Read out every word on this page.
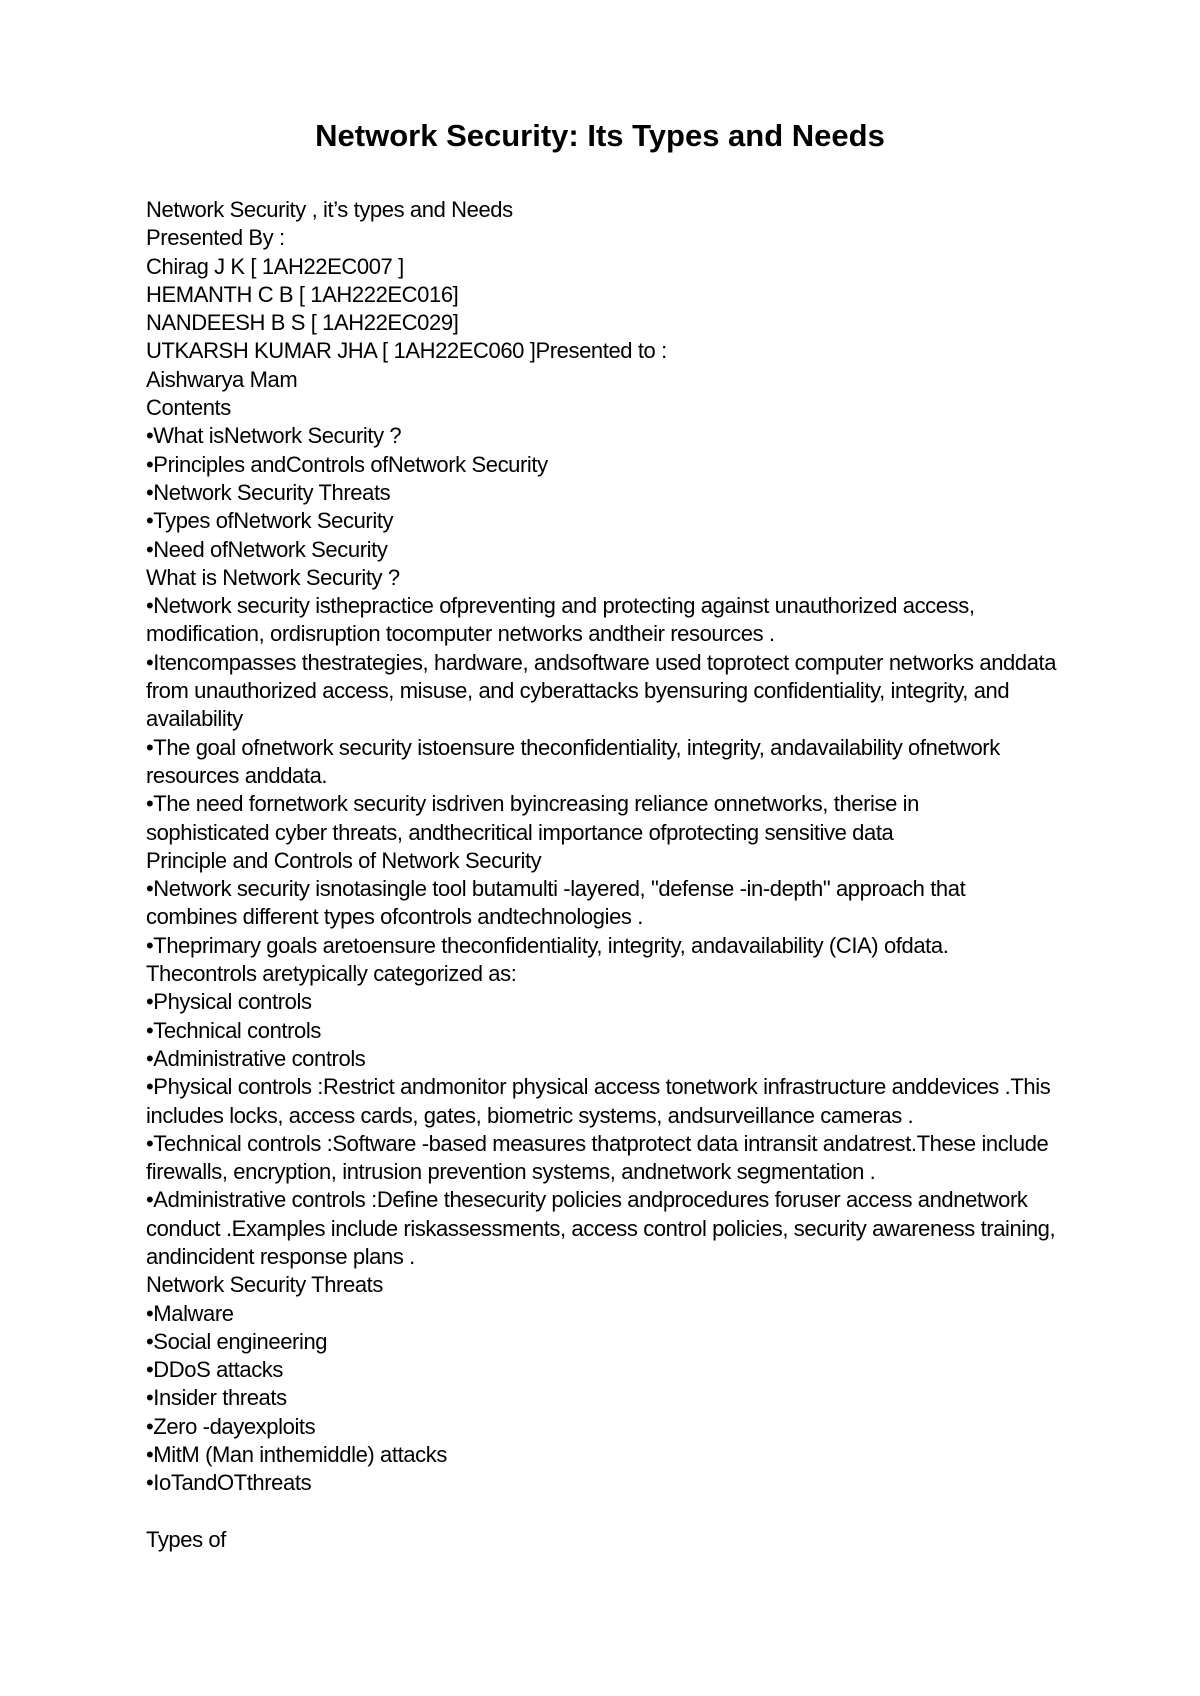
Network Security: Its Types and Needs
Network Security , it’s types and Needs
Presented By :
Chirag J K [ 1AH22EC007 ]
HEMANTH C B [ 1AH222EC016]
NANDEESH B S [ 1AH22EC029]
UTKARSH KUMAR JHA [ 1AH22EC060 ]Presented to :
Aishwarya Mam
Contents
•What isNetwork Security ?
•Principles andControls ofNetwork Security
•Network Security Threats
•Types ofNetwork Security
•Need ofNetwork Security
What is Network Security ?
•Network security isthepractice ofpreventing and protecting against unauthorized access,
modification, ordisruption tocomputer networks andtheir resources .
•Itencompasses thestrategies, hardware, andsoftware used toprotect computer networks anddata
from unauthorized access, misuse, and cyberattacks byensuring confidentiality, integrity, and
availability
•The goal ofnetwork security istoensure theconfidentiality, integrity, andavailability ofnetwork
resources anddata.
•The need fornetwork security isdriven byincreasing reliance onnetworks, therise in
sophisticated cyber threats, andthecritical importance ofprotecting sensitive data
Principle and Controls of Network Security
•Network security isnotasingle tool butamulti -layered, "defense -in-depth" approach that
combines different types ofcontrols andtechnologies .
•Theprimary goals aretoensure theconfidentiality, integrity, andavailability (CIA) ofdata.
Thecontrols aretypically categorized as:
•Physical controls
•Technical controls
•Administrative controls
•Physical controls :Restrict andmonitor physical access tonetwork infrastructure anddevices .This
includes locks, access cards, gates, biometric systems, andsurveillance cameras .
•Technical controls :Software -based measures thatprotect data intransit andatrest.These include
firewalls, encryption, intrusion prevention systems, andnetwork segmentation .
•Administrative controls :Define thesecurity policies andprocedures foruser access andnetwork
conduct .Examples include riskassessments, access control policies, security awareness training,
andincident response plans .
Network Security Threats
•Malware
•Social engineering
•DDoS attacks
•Insider threats
•Zero -dayexploits
•MitM (Man inthemiddle) attacks
•IoTandOTthreats
Types of
